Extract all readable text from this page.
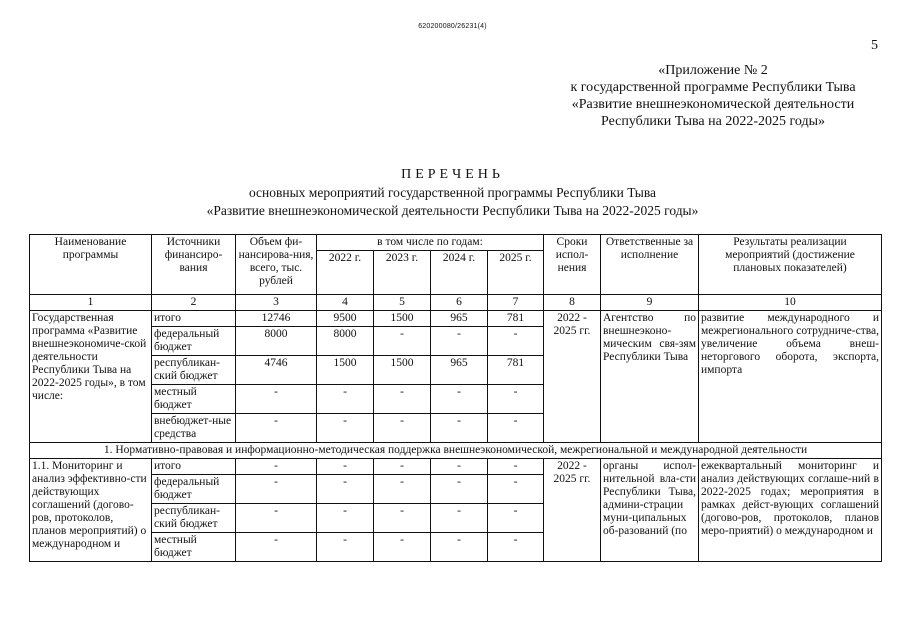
620200080/26231(4)
5
«Приложение № 2
к государственной программе Республики Тыва
«Развитие внешнеэкономической деятельности
Республики Тыва на 2022-2025 годы»
ПЕРЕЧЕНЬ
основных мероприятий государственной программы Республики Тыва
«Развитие внешнеэкономической деятельности Республики Тыва на 2022-2025 годы»
Наименование программы	Источники финансиро-вания	Объем фи-нансирова-ния, всего, тыс. рублей	в том числе по годам:				Сроки испол-нения	Ответственные за исполнение	Результаты реализации мероприятий (достижение плановых показателей)
			2022 г.	2023 г.	2024 г.	2025 г.			
1	2	3	4	5	6	7	8	9	10
Государственная программа «Развитие внешнеэкономиче-ской деятельности Республики Тыва на 2022-2025 годы», в том числе:	итого	12746	9500	1500	965	781	2022 - 2025 гг.	Агентство по внешнеэконо-мическим свя-зям Республики Тыва	развитие международного и межрегионального сотрудниче-ства, увеличение объема внеш-неторгового оборота, экспорта, импорта
	федеральный бюджет	8000	8000	-	-	-			
	республикан-ский бюджет	4746	1500	1500	965	781			
	местный бюджет	-	-	-	-	-			
	внебюджет-ные средства	-	-	-	-	-			
1. Нормативно-правовая и информационно-методическая поддержка внешнеэкономической, межрегиональной и международной деятельности									
1.1. Мониторинг и анализ эффективно-сти действующих соглашений (догово-ров, протоколов, планов мероприятий) о международном и	итого	-	-	-	-	-	2022 - 2025 гг.	органы испол-нительной вла-сти Республики Тыва, админи-страции муни-ципальных об-разований (по	ежеквартальный мониторинг и анализ действующих соглаше-ний в 2022-2025 годах; мероприятия в рамках дейст-вующих соглашений (догово-ров, протоколов, планов меро-приятий) о международном и
	федеральный бюджет	-	-	-	-	-			
	республикан-ский бюджет	-	-	-	-	-			
	местный бюджет	-	-	-	-	-			
